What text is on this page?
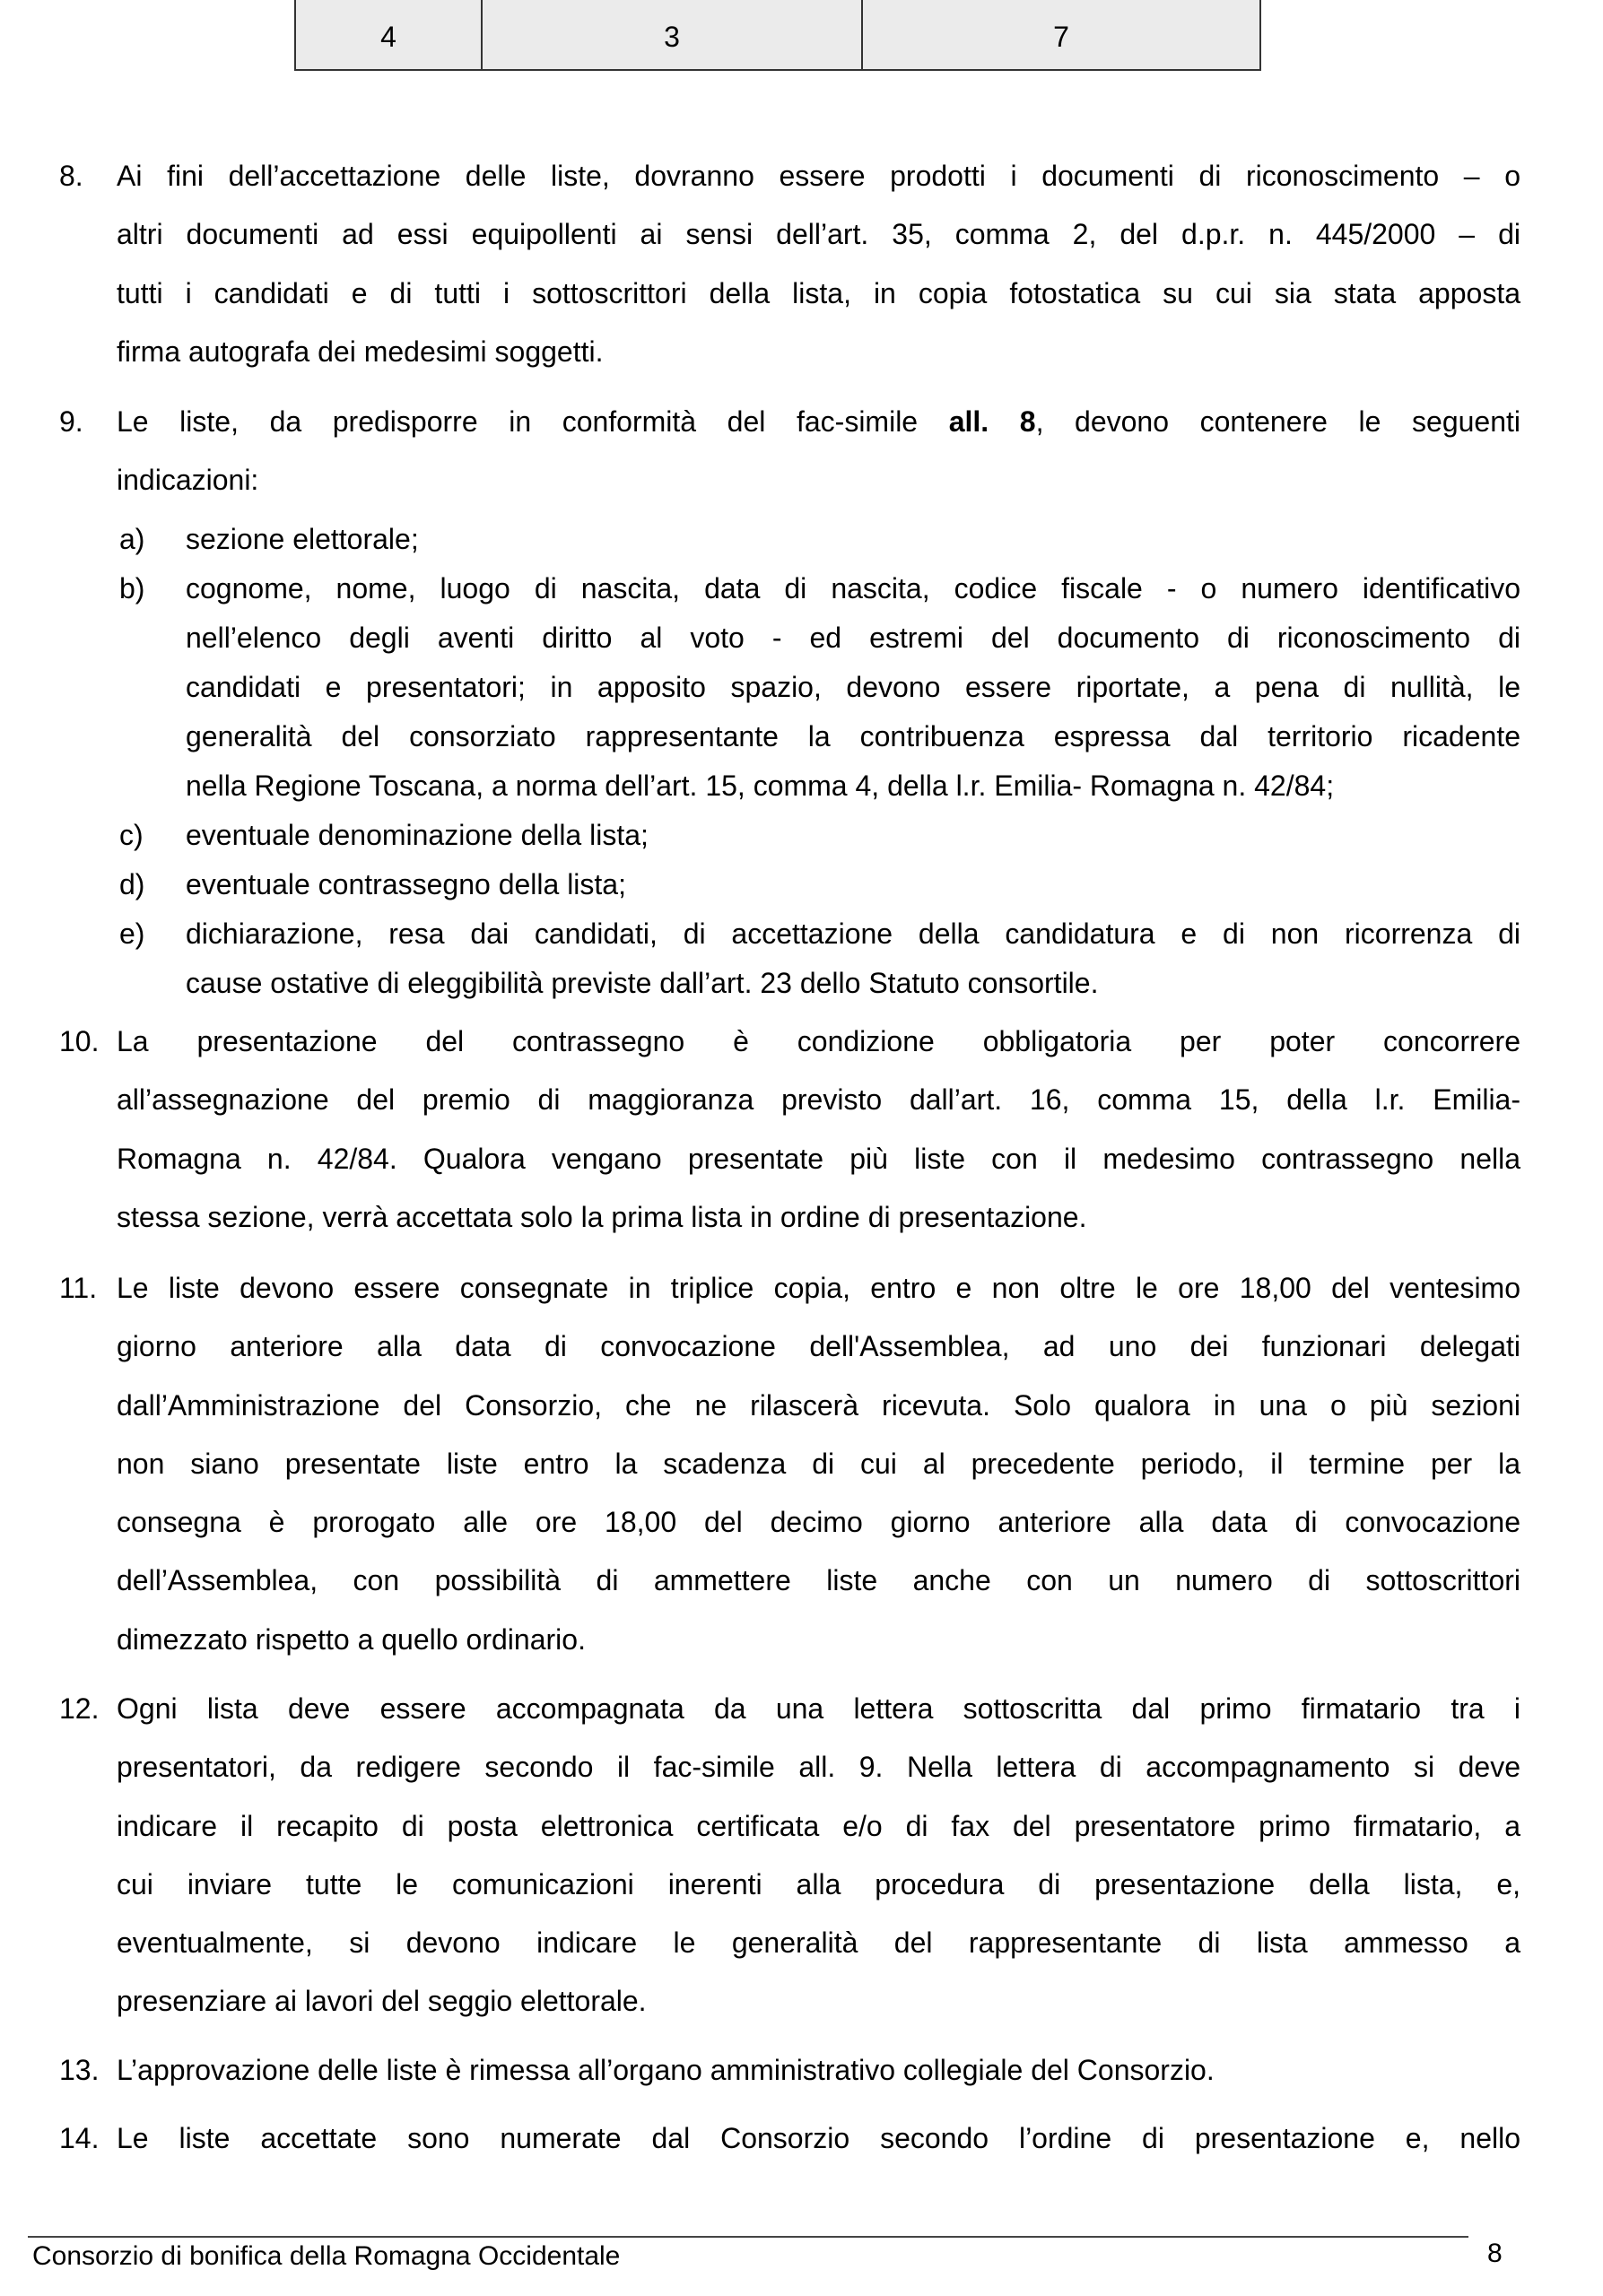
4	3	7
8. Ai fini dell’accettazione delle liste, dovranno essere prodotti i documenti di riconoscimento – o
altri documenti ad essi equipollenti ai sensi dell’art. 35, comma 2, del d.p.r. n. 445/2000 – di
tutti i candidati e di tutti i sottoscrittori della lista, in copia fotostatica su cui sia stata apposta
firma autografa dei medesimi soggetti.
9. Le liste, da predisporre in conformità del fac-simile all. 8, devono contenere le seguenti
indicazioni:
a) sezione elettorale;
b) cognome, nome, luogo di nascita, data di nascita, codice fiscale - o numero identificativo
nell’elenco degli aventi diritto al voto - ed estremi del documento di riconoscimento di
candidati e presentatori; in apposito spazio, devono essere riportate, a pena di nullità, le
generalità del consorziato rappresentante la contribuenza espressa dal territorio ricadente
nella Regione Toscana, a norma dell’art. 15, comma 4, della l.r. Emilia- Romagna n. 42/84;
c) eventuale denominazione della lista;
d) eventuale contrassegno della lista;
e) dichiarazione, resa dai candidati, di accettazione della candidatura e di non ricorrenza di
cause ostative di eleggibilità previste dall’art. 23 dello Statuto consortile.
10. La presentazione del contrassegno è condizione obbligatoria per poter concorrere
all’assegnazione del premio di maggioranza previsto dall’art. 16, comma 15, della l.r. Emilia-
Romagna n. 42/84. Qualora vengano presentate più liste con il medesimo contrassegno nella
stessa sezione, verrà accettata solo la prima lista in ordine di presentazione.
11. Le liste devono essere consegnate in triplice copia, entro e non oltre le ore 18,00 del ventesimo
giorno anteriore alla data di convocazione dell'Assemblea, ad uno dei funzionari delegati
dall’Amministrazione del Consorzio, che ne rilascerà ricevuta. Solo qualora in una o più sezioni
non siano presentate liste entro la scadenza di cui al precedente periodo, il termine per la
consegna è prorogato alle ore 18,00 del decimo giorno anteriore alla data di convocazione
dell’Assemblea, con possibilità di ammettere liste anche con un numero di sottoscrittori
dimezzato rispetto a quello ordinario.
12. Ogni lista deve essere accompagnata da una lettera sottoscritta dal primo firmatario tra i
presentatori, da redigere secondo il fac-simile all. 9. Nella lettera di accompagnamento si deve
indicare il recapito di posta elettronica certificata e/o di fax del presentatore primo firmatario, a
cui inviare tutte le comunicazioni inerenti alla procedura di presentazione della lista, e,
eventualmente, si devono indicare le generalità del rappresentante di lista ammesso a
presenziare ai lavori del seggio elettorale.
13. L’approvazione delle liste è rimessa all’organo amministrativo collegiale del Consorzio.
14. Le liste accettate sono numerate dal Consorzio secondo l’ordine di presentazione e, nello
Consorzio di bonifica della Romagna Occidentale	8
